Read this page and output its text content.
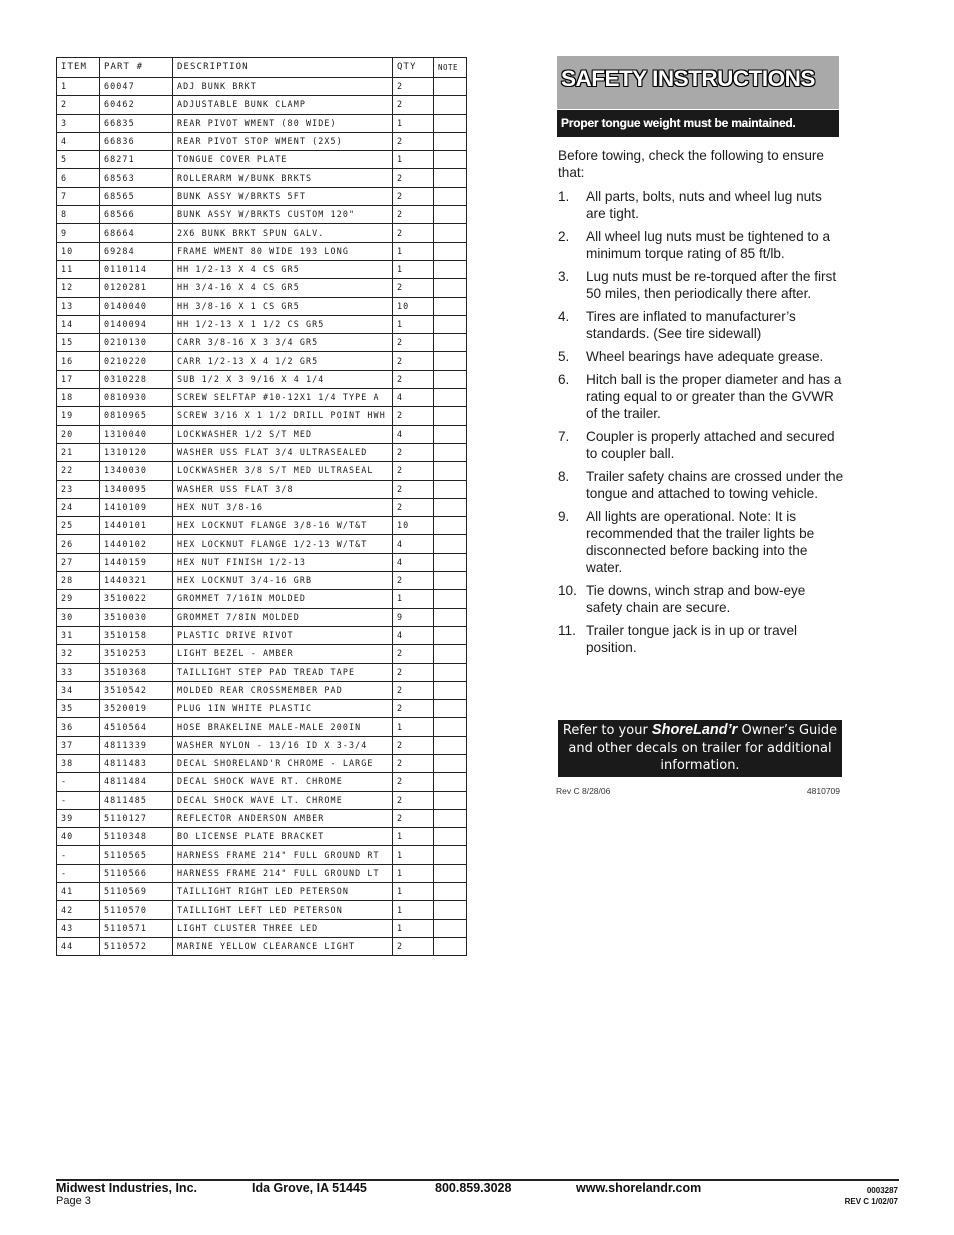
ITEM	PART #	DESCRIPTION	QTY	NOTE
1	60047	ADJ BUNK BRKT	2	
2	60462	ADJUSTABLE BUNK CLAMP	2	
3	66835	REAR PIVOT WMENT (80 WIDE)	1	
4	66836	REAR PIVOT STOP WMENT (2X5)	2	
5	68271	TONGUE COVER PLATE	1	
6	68563	ROLLERARM W/BUNK BRKTS	2	
7	68565	BUNK ASSY W/BRKTS 5FT	2	
8	68566	BUNK ASSY W/BRKTS CUSTOM 120"	2	
9	68664	2X6 BUNK BRKT SPUN GALV.	2	
10	69284	FRAME WMENT 80 WIDE 193 LONG	1	
11	0110114	HH 1/2-13 X 4 CS GR5	1	
12	0120281	HH 3/4-16 X 4 CS GR5	2	
13	0140040	HH 3/8-16 X 1 CS GR5	10	
14	0140094	HH 1/2-13 X 1 1/2 CS GR5	1	
15	0210130	CARR 3/8-16 X 3 3/4 GR5	2	
16	0210220	CARR 1/2-13 X 4 1/2 GR5	2	
17	0310228	SUB 1/2 X 3 9/16 X 4 1/4	2	
18	0810930	SCREW SELFTAP #10-12X1 1/4 TYPE A	4	
19	0810965	SCREW 3/16 X 1 1/2 DRILL POINT HWH	2	
20	1310040	LOCKWASHER 1/2 S/T MED	4	
21	1310120	WASHER USS FLAT 3/4 ULTRASEALED	2	
22	1340030	LOCKWASHER 3/8 S/T MED ULTRASEAL	2	
23	1340095	WASHER USS FLAT 3/8	2	
24	1410109	HEX NUT 3/8-16	2	
25	1440101	HEX LOCKNUT FLANGE 3/8-16 W/T&T	10	
26	1440102	HEX LOCKNUT FLANGE 1/2-13 W/T&T	4	
27	1440159	HEX NUT FINISH 1/2-13	4	
28	1440321	HEX LOCKNUT 3/4-16 GRB	2	
29	3510022	GROMMET 7/16IN MOLDED	1	
30	3510030	GROMMET 7/8IN MOLDED	9	
31	3510158	PLASTIC DRIVE RIVOT	4	
32	3510253	LIGHT BEZEL - AMBER	2	
33	3510368	TAILLIGHT STEP PAD TREAD TAPE	2	
34	3510542	MOLDED REAR CROSSMEMBER PAD	2	
35	3520019	PLUG 1IN WHITE PLASTIC	2	
36	4510564	HOSE BRAKELINE MALE-MALE 200IN	1	
37	4811339	WASHER NYLON - 13/16 ID X 3-3/4	2	
38	4811483	DECAL SHORELAND'R CHROME - LARGE	2	
-	4811484	DECAL SHOCK WAVE RT. CHROME	2	
-	4811485	DECAL SHOCK WAVE LT. CHROME	2	
39	5110127	REFLECTOR ANDERSON AMBER	2	
40	5110348	BO LICENSE PLATE BRACKET	1	
-	5110565	HARNESS FRAME 214" FULL GROUND RT	1	
-	5110566	HARNESS FRAME 214" FULL GROUND LT	1	
41	5110569	TAILLIGHT RIGHT LED PETERSON	1	
42	5110570	TAILLIGHT LEFT LED PETERSON	1	
43	5110571	LIGHT CLUSTER THREE LED	1	
44	5110572	MARINE YELLOW CLEARANCE LIGHT	2	
SAFETY INSTRUCTIONS
Proper tongue weight must be maintained.
Before towing, check the following to ensure that:
1. All parts, bolts, nuts and wheel lug nuts are tight.
2. All wheel lug nuts must be tightened to a minimum torque rating of 85 ft/lb.
3. Lug nuts must be re-torqued after the first 50 miles, then periodically there after.
4. Tires are inflated to manufacturer’s standards. (See tire sidewall)
5. Wheel bearings have adequate grease.
6. Hitch ball is the proper diameter and has a rating equal to or greater than the GVWR of the trailer.
7. Coupler is properly attached and secured to coupler ball.
8. Trailer safety chains are crossed under the tongue and attached to towing vehicle.
9. All lights are operational. Note: It is recommended that the trailer lights be disconnected before backing into the water.
10. Tie downs, winch strap and bow-eye safety chain are secure.
11. Trailer tongue jack is in up or travel position.
Refer to your ShoreLand’r Owner’s Guide and other decals on trailer for additional information.
Rev C 8/28/06	4810709
Midwest Industries, Inc.	Ida Grove, IA 51445	800.859.3028	www.shorelandr.com
Page 3
0003287
REV C 1/02/07
